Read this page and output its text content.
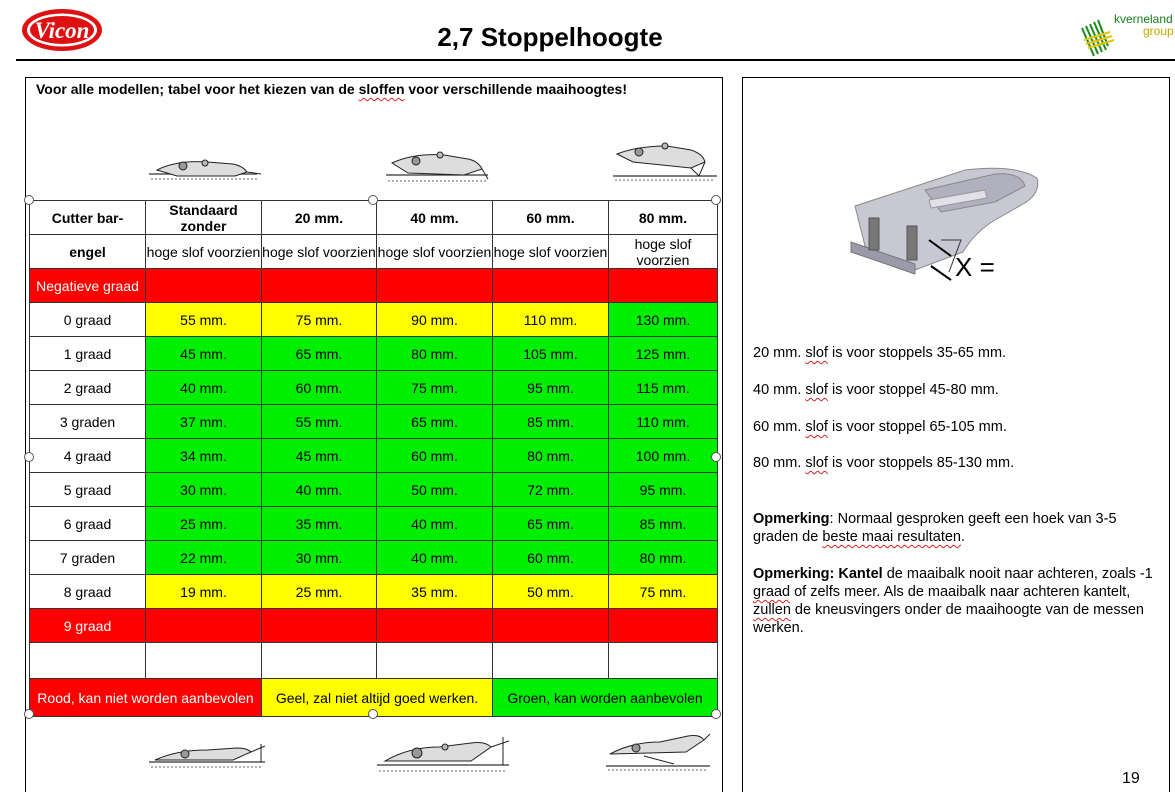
Vicon	2,7 Stoppelhoogte
kverneland
group
Voor alle modellen; tabel voor het kiezen van de sloffen voor verschillende maaihoogtes!
Cutter bar-	Standaard zonder	20 mm.	40 mm.	60 mm.	80 mm.
engel	hoge slof voorzien	hoge slof voorzien	hoge slof voorzien	hoge slof voorzien	hoge slof voorzien
Negatieve graad					
0 graad	55 mm.	75 mm.	90 mm.	110 mm.	130 mm.
1 graad	45 mm.	65 mm.	80 mm.	105 mm.	125 mm.
2 graad	40 mm.	60 mm.	75 mm.	95 mm.	115 mm.
3 graden	37 mm.	55 mm.	65 mm.	85 mm.	110 mm.
4 graad	34 mm.	45 mm.	60 mm.	80 mm.	100 mm.
5 graad	30 mm.	40 mm.	50 mm.	72 mm.	95 mm.
6 graad	25 mm.	35 mm.	40 mm.	65 mm.	85 mm.
7 graden	22 mm.	30 mm.	40 mm.	60 mm.	80 mm.
8 graad	19 mm.	25 mm.	35 mm.	50 mm.	75 mm.
9 graad					

Rood, kan niet worden aanbevolen		Geel, zal niet altijd goed werken.		Groen, kan worden aanbevolen	
X =
20 mm. slof is voor stoppels 35-65 mm.
40 mm. slof is voor stoppel 45-80 mm.
60 mm. slof is voor stoppel 65-105 mm.
80 mm. slof is voor stoppels 85-130 mm.
Opmerking: Normaal gesproken geeft een hoek van 3-5 graden de beste maai resultaten.
Opmerking: Kantel de maaibalk nooit naar achteren, zoals -1 graad of zelfs meer. Als de maaibalk naar achteren kantelt, zullen de kneusvingers onder de maaihoogte van de messen werken.
19
